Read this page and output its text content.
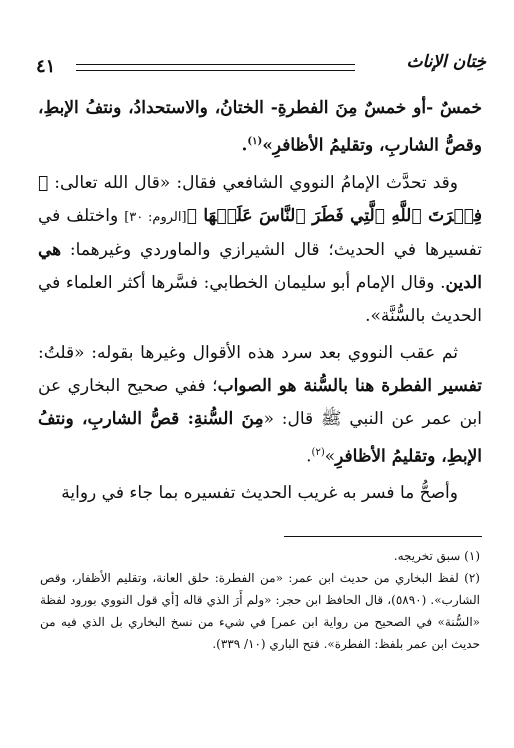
٤١	خِتان الإناث

خمسٌ -أو خمسٌ مِنَ الفطرةِ- الختانُ، والاستحدادُ، ونتفُ الإبطِ، وقصُّ الشاربِ، وتقليمُ الأظافرِ»$^{(١)}$.

وقد تحدَّث الإمامُ النووي الشافعي فقال: «قال الله تعالى: ﴿ فِطۡرَتَ ٱللَّهِ ٱلَّتِي فَطَرَ ٱلنَّاسَ عَلَيۡهَا ﴾[الروم: ٣٠] واختلف في تفسيرها في الحديث؛ قال الشيرازي والماوردي وغيرهما: هي الدين. وقال الإمام أبو سليمان الخطابي: فسَّرها أكثر العلماء في الحديث بالسُّنَّة».

ثم عقب النووي بعد سرد هذه الأقوال وغيرها بقوله: «قلتُ: تفسير الفطرة هنا بالسُّنة هو الصواب؛ ففي صحيح البخاري عن ابن عمر عن النبي ﷺ قال: «مِنَ السُّنةِ: قصُّ الشاربِ، ونتفُ الإبطِ، وتقليمُ الأظافرِ»$^{(٢)}$.

وأصحُّ ما فسر به غريب الحديث تفسيره بما جاء في رواية

(١) سبق تخريجه.

(٢) لفظ البخاري من حديث ابن عمر: «من الفطرة: حلق العانة، وتقليم الأظفار، وقص الشارب». (٥٨٩٠)، قال الحافظ ابن حجر: «ولم أَرَ الذي قاله [أي قول النووي بورود لفظة «السُّنة» في الصحيح من رواية ابن عمر] في شيء من نسخ البخاري بل الذي فيه من حديث ابن عمر بلفظ: الفطرة». فتح الباري (١٠/ ٣٣٩).
